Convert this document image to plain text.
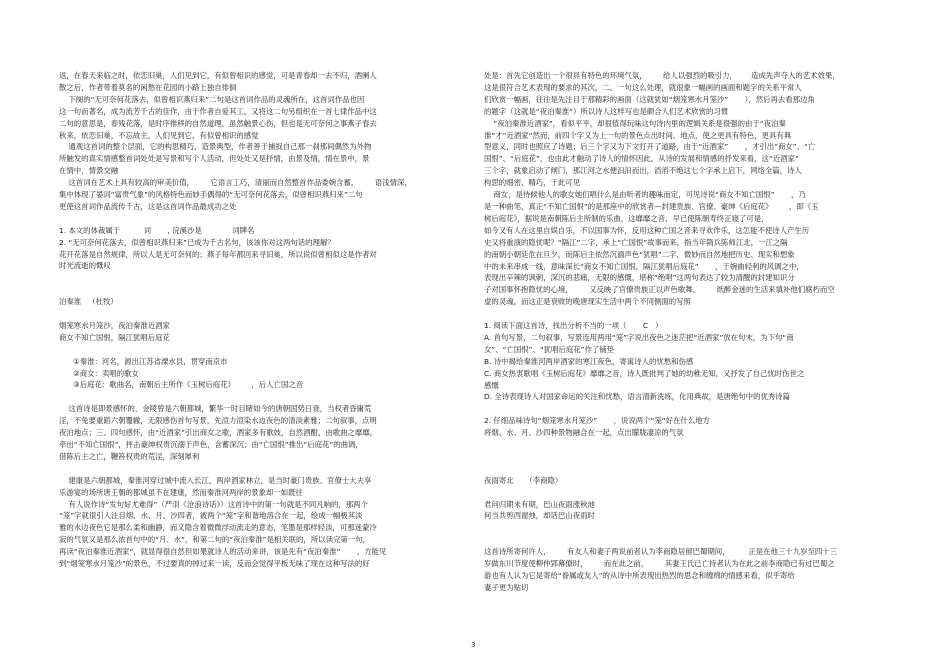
返，在春天来临之时，依恋旧巢，人们见到它，有似曾相识的感觉，可是青春却一去不归，酒阑人

散之后，作者带着莫名的闲愁在花园的小路上独自徘徊

下阕的“无可奈何花落去，似曾相识燕归来”二句是这首词作品的灵魂所在，这首词作品也因

这一句而著名，成为流芳千古的佳作，由于作者自爱其工，又将这二句另组织在一首七律作品中这

二句的意思是，春残花落，是时序推移的自然道理，虽然触景心伤，但也是无可奈何之事燕子春去

秋来，依恋旧巢，不忘故主，人们见到它，有似曾相识的感觉

通观这首词的整个层面，它的构思精巧，造景典型，作者善于捕捉自己那一刹那间偶然为外物

所触发的真实情感整首词处处是写景和写个人活动，但处处又是抒情，由景及情，情在景中，景

在情中，情景交融

这首词在艺术上具有较高的审美价值，       它语言工巧，清丽而自然整首作品委婉含蓄，       语浅情深，

集中体现了晏词“富贵气象”的风格特色而妙手偶得的“无可奈何花落去，似曾相识燕归来”二句

更使这首词作品流传千古，这是这首词作品最成功之处

1. 本文的体裁属于          词       , 浣溪沙是             词牌名

2. “无可奈何花落去，似曾相识燕归来”已成为千古名句，该该你对这两句话的理解？

花开花落是自然规律，所以人是无可奈何的；燕子每年都回来寻旧巢，所以说似曾相似这是作者对

时光流逝的慨叹

泊秦淮   （杜牧）

烟笼寒水月笼沙，夜泊秦淮近酒家

商女不知亡国恨，隔江犹唱后庭花

①秦淮：河名，源出江苏省溧水县，贯穿南京市

②商女：卖唱的歌女

③后庭花：歌曲名，南朝后主所作《玉树后庭花》       ，后人亡国之音

这首诗是即景感怀的，金陵曾是六朝都城，繁华一时目睹如今的唐朝国势日衰，当权者昏庸荒

淫，不免要重蹈六朝覆辙，无限感伤首句写景，先渲力渲染水边夜色的清淡素雅；二句叙事，点明

夜泊地点；三、四句感怀，由“近酒家”引出商女之歌，酒家多有歌妓，自然酒酣，由歌曲之靡靡，

牵出“不知亡国恨”，抨击豪绅权贵沉溺于声色，含蓄深沉；由“亡国恨”推出“后庭花”的曲调，

借陈后主之亡，鞭笞权贵的荒淫，深刻犀利

建康是六朝都城，秦淮河穿过城中流入长江，两岸酒家林立，是当时豪门贵族、官僚士大夫享

乐游宴的场所唐王朝的都城虽不在建康，然而秦淮河两岸的景象却一如既往

有人说作诗“发句好尤难得”（严羽《沧浪诗话》）这首诗中的第一句就是不同凡响的，那两个

“笼”字就很引人注目烟、水、月、沙四者，被两个“笼”字和谐地溶合在一起，绘成一幅极其淡

雅的水边夜色它是那么柔和幽静，而又隐含着微微浮动流走的意态，笔墨是那样轻淡，可那迷蒙冷

寂的气氛又是那么浓首句中的“月、水”，和第二句的“夜泊秦淮”是相关联的，所以读完第一句，

再读“夜泊秦淮近酒家”，就显得很自然但如果就诗人的活动来讲，该是先有“夜泊秦淮”       ，方能见

到“烟笼寒水月笼沙”的景色，不过要真的掉过来一读，反而会觉得平板无味了现在这种写法的好

处是：首先它创造出一个很具有特色的环境气氛，       给人以强烈的吸引力，      造成先声夺人的艺术效果，

这是很符合艺术表现的要求的其次，二、一句这么处理，就很象一幅画的画面和题字的关系平常人

们欣赏一幅画，往往是先注目于那精彩的画面（这就犹如“烟笼寒水月笼沙”       ），然后再去看那边角

的题字（这就是“夜泊秦淮”）所以诗人这样写也是颇合人们艺术欣赏的习惯

“夜泊秦淮近酒家”，看似平平，却很值得玩味这句诗内里的逻辑关系是很强的由于“夜泊秦

淮”才“近酒家”然而，前四个字又为上一句的景色点出时间、地点，使之更具有特色，更具有典

型意义，同时也照应了诗题；后三个字又为下文打开了道路，由于“近酒家”       ，才引出“商女”、“亡

国恨”、“后庭花”，也由此才触动了诗人的情怀因此，从诗的发展和情感的抒发来看，这“近酒家”

三个字，就象启动了闸门，那江河之水便汩汩而出，滔滔不绝这七个字承上启下，网络全篇，诗人

构思的细密、精巧，于此可见

商女，是侍候他人的歌女她们唱什么是由听者的趣味而定，可见诗说“商女不知亡国恨”       ，乃

是一种曲笔，真正“不知亡国恨”的是那座中的欣赏者—封建贵族、官僚、豪绅《后庭花》       ，即《玉

树后庭花》，据说是南朝陈后主所制的乐曲，这靡靡之音，早已使陈朝寿终正寝了可是，

如今又有人在这里自娱自乐，不以国事为怀，反用这种亡国之音来寻欢作乐，这怎能不使诗人产生历

史又将重演的隐忧呢？“隔江”二字，承上“亡国恨”故事而来，指当年隋兵陈师江北，一江之隔

的南朝小朝廷危在旦夕，而陈后主依然沉湎声色“犹唱”二字，微妙而自然地把历史、现实和想象

中的未来串成一线，意味深长“商女不知亡国恨，隔江犹唱后庭花”       ，于婉曲轻利的风调之中，

表现出辛辣的讽刺，深沉的悲痛，无限的感慨，堪称“绝唱”这两句表达了较为清醒的封建知识分

子对国事怀抱隐忧的心境，       又反映了官僚贵族正以声色歌舞、       纸醉金迷的生活来填补他们腐朽而空

虚的灵魂，而这正是衰败的晚唐现实生活中两个不同侧面的写照

1. 阅读下面这首诗，找出分析不当的一项（       C   ）

A. 首句写景，二句叙事，写景连用两用“笼”字说出夜色之迷茫把“近酒家”放在句末，为下句“商

女”、“亡国恨”、“犹唱后庭花”作了铺垫

B. 诗中揭给秦淮河两岸酒家的寒江夜色，寄寓诗人的忧愁和伤感

C. 商女热衷歌唱《玉树后庭花》靡靡之音，诗人既批判了她的幼稚无知，又抒发了自己忧时伤世之

感慨

D. 全诗表现诗人对国家命运的关注和忧愁，语言清新洗练，化用典故，是唐绝句中的优秀诗篇

2. 仔细品味诗句“烟笼寒水月笼沙”       ，说说两个“笼”好在什么地方

将烟、水、月、沙四种景物融合在一起，点出朦胧凄凉的气氛

夜雨寄北     （李商隐）

君问归期未有期，巴山夜雨涨秋池

何当共剪西窗烛，却话巴山夜雨时

这首诗所寄何许人，       有友人和妻子两说前者认为李商隐居留巴蜀期间，        正是在他三十九岁至四十三

岁做东川节度使柳仲郢幕僚时，       而在此之前，       其妻王氏已亡持者认为在此之前李商隐已有过巴蜀之

游也有人认为它是寄给“眷属或友人”的从诗中所表现出热烈的思念和缠绵的情感来看，似乎寄给

妻子更为贴切

3
